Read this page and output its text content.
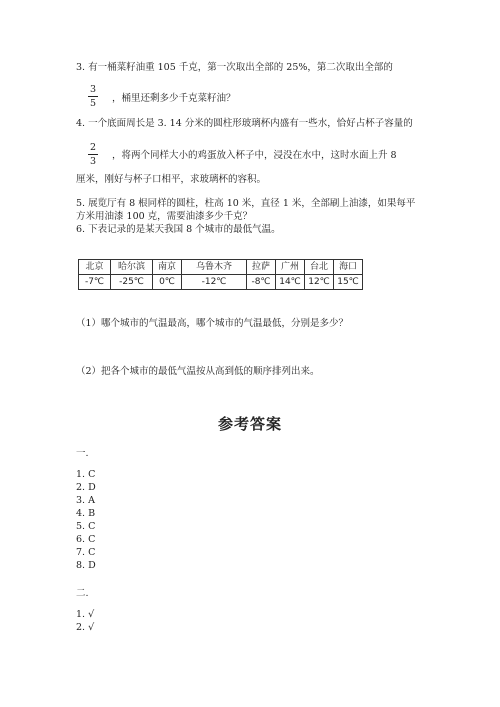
3. 有一桶菜籽油重 105 千克，第一次取出全部的 25%，第二次取出全部的
3
5	，桶里还剩多少千克菜籽油？
4. 一个底面周长是 3. 14 分米的圆柱形玻璃杯内盛有一些水，恰好占杯子容量的
2
3
，将两个同样大小的鸡蛋放入杯子中，浸没在水中，这时水面上升 8
厘米，刚好与杯子口相平，求玻璃杯的容积。
5. 展览厅有 8 根同样的圆柱，柱高 10 米，直径 1 米，全部刷上油漆，如果每平
方米用油漆 100 克，需要油漆多少千克？
6. 下表记录的是某天我国 8 个城市的最低气温。
北京	哈尔滨	南京	乌鲁木齐	拉萨	广州	台北	海口
-7℃	-25℃	0℃	-12℃	-8℃	14℃	12℃	15℃
（1）哪个城市的气温最高，哪个城市的气温最低，分别是多少？
（2）把各个城市的最低气温按从高到低的顺序排列出来。
参考答案
一.
1. C
2. D
3. A
4. B
5. C
6. C
7. C
8. D
二.
1. √
2. √
